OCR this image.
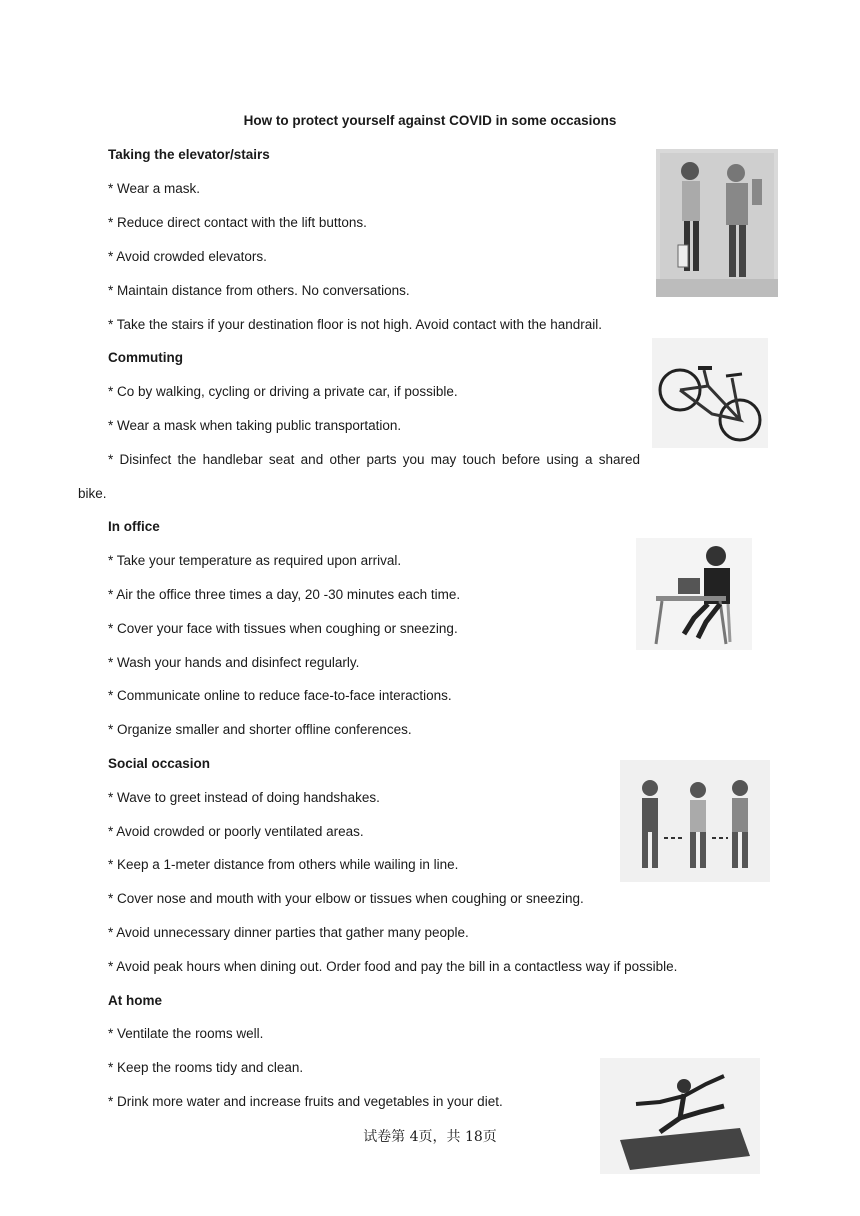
How to protect yourself against COVID in some occasions
Taking the elevator/stairs
* Wear a mask.
* Reduce direct contact with the lift buttons.
* Avoid crowded elevators.
* Maintain distance from others. No conversations.
* Take the stairs if your destination floor is not high. Avoid contact with the handrail.
Commuting
* Co by walking, cycling or driving a private car, if possible.
* Wear a mask when taking public transportation.
* Disinfect the handlebar seat and other parts you may touch before using a shared
bike.
In office
* Take your temperature as required upon arrival.
* Air the office three times a day, 20 -30 minutes each time.
* Cover your face with tissues when coughing or sneezing.
* Wash your hands and disinfect regularly.
* Communicate online to reduce face-to-face interactions.
* Organize smaller and shorter offline conferences.
Social occasion
* Wave to greet instead of doing handshakes.
* Avoid crowded or poorly ventilated areas.
* Keep a 1-meter distance from others while wailing in line.
* Cover nose and mouth with your elbow or tissues when coughing or sneezing.
* Avoid unnecessary dinner parties that gather many people.
* Avoid peak hours when dining out. Order food and pay the bill in a contactless way if possible.
At home
* Ventilate the rooms well.
* Keep the rooms tidy and clean.
* Drink more water and increase fruits and vegetables in your diet.
试卷第 4页，共 18页
